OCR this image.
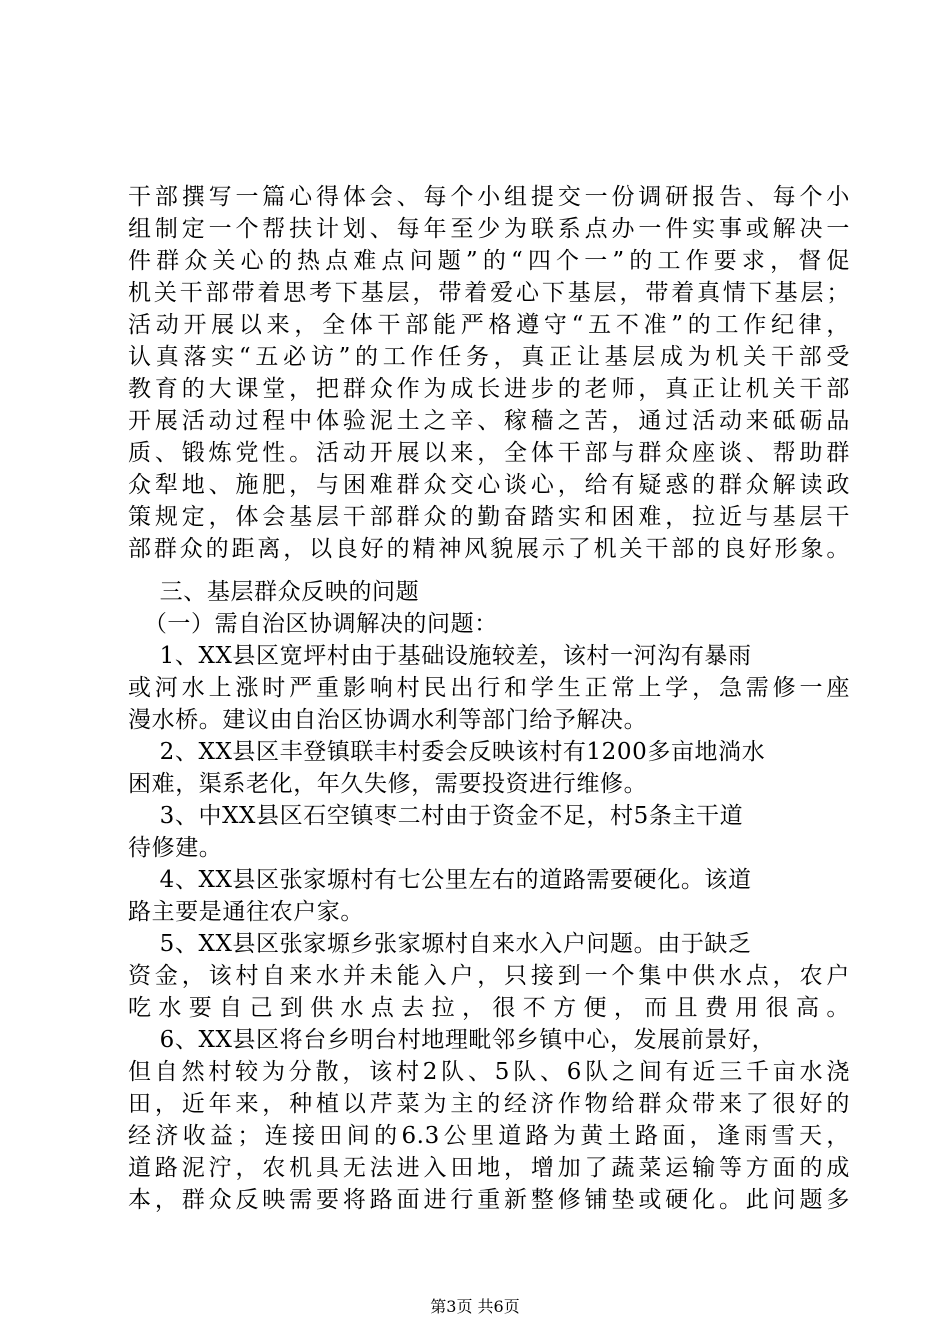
干部撰写一篇心得体会、每个小组提交一份调研报告、每个小
组制定一个帮扶计划、每年至少为联系点办一件实事或解决一
件群众关心的热点难点问题”的“四个一”的工作要求，督促
机关干部带着思考下基层，带着爱心下基层，带着真情下基层；
活动开展以来，全体干部能严格遵守“五不准”的工作纪律，
认真落实“五必访”的工作任务，真正让基层成为机关干部受
教育的大课堂，把群众作为成长进步的老师，真正让机关干部
开展活动过程中体验泥土之辛、稼穑之苦，通过活动来砥砺品
质、锻炼党性。活动开展以来，全体干部与群众座谈、帮助群
众犁地、施肥，与困难群众交心谈心，给有疑惑的群众解读政
策规定，体会基层干部群众的勤奋踏实和困难，拉近与基层干
部群众的距离，以良好的精神风貌展示了机关干部的良好形象。
三、基层群众反映的问题
（一）需自治区协调解决的问题：
1、XX县区宽坪村由于基础设施较差，该村一河沟有暴雨
或河水上涨时严重影响村民出行和学生正常上学，急需修一座
漫水桥。建议由自治区协调水利等部门给予解决。
2、XX县区丰登镇联丰村委会反映该村有1200多亩地淌水
困难，渠系老化，年久失修，需要投资进行维修。
3、中XX县区石空镇枣二村由于资金不足，村5条主干道
待修建。
4、XX县区张家塬村有七公里左右的道路需要硬化。该道
路主要是通往农户家。
5、XX县区张家塬乡张家塬村自来水入户问题。由于缺乏
资金，该村自来水并未能入户，只接到一个集中供水点，农户
吃水要自己到供水点去拉，很不方便，而且费用很高。
6、XX县区将台乡明台村地理毗邻乡镇中心，发展前景好，
但自然村较为分散，该村2队、5队、6队之间有近三千亩水浇
田，近年来，种植以芹菜为主的经济作物给群众带来了很好的
经济收益；连接田间的6.3公里道路为黄土路面，逢雨雪天，
道路泥泞，农机具无法进入田地，增加了蔬菜运输等方面的成
本，群众反映需要将路面进行重新整修铺垫或硬化。此问题多
第3页 共6页
